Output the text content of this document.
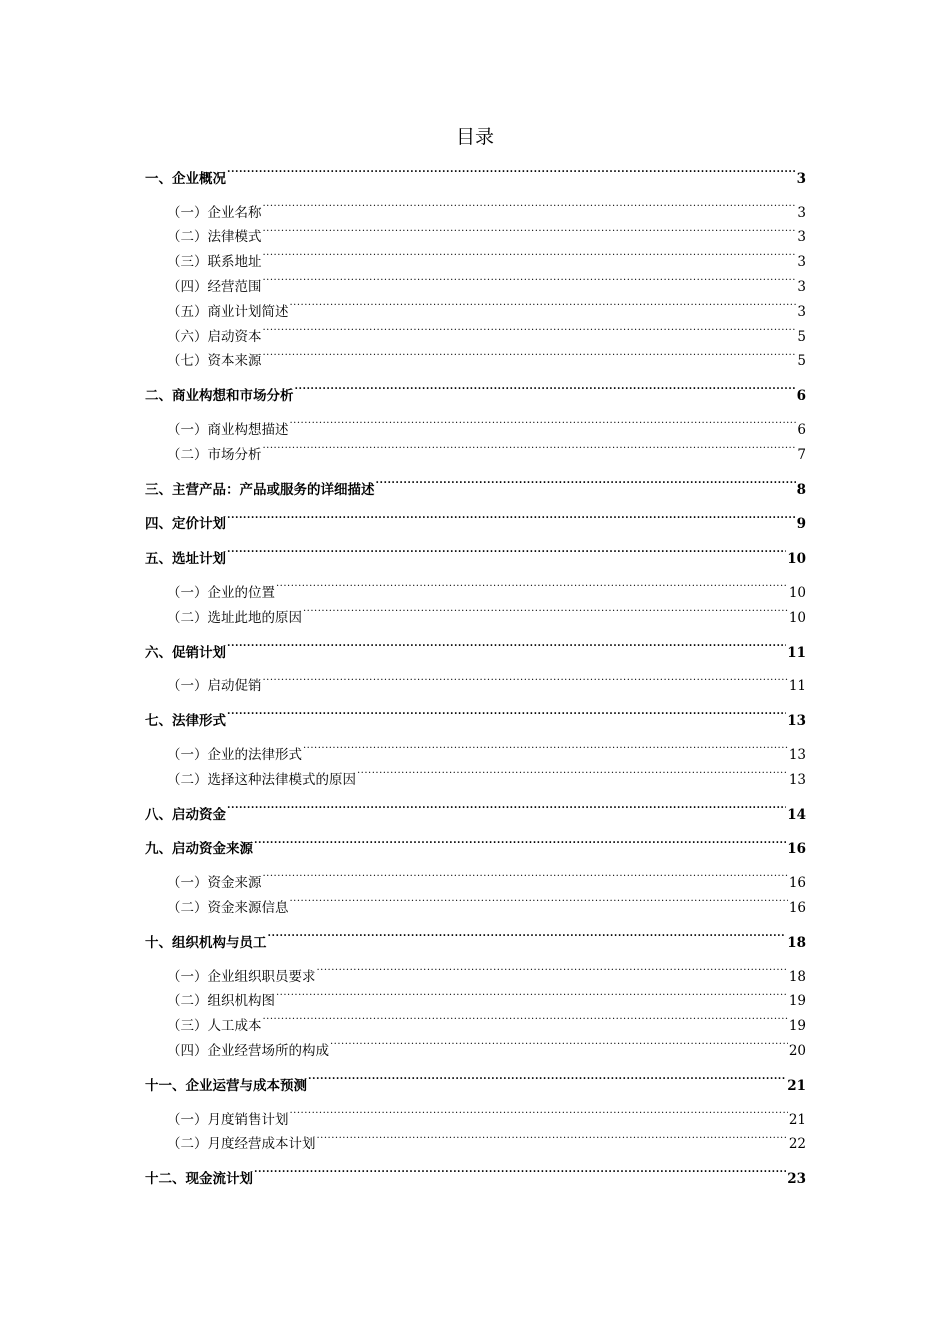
目录
一、企业概况 .....	3
（一）企业名称 .....	3
（二）法律模式 .....	3
（三）联系地址 .....	3
（四）经营范围 .....	3
（五）商业计划简述 .....	3
（六）启动资本 .....	5
（七）资本来源 .....	5
二、商业构想和市场分析 .....	6
（一）商业构想描述 .....	6
（二）市场分析 .....	7
三、主营产品：产品或服务的详细描述 .....	8
四、定价计划 .....	9
五、选址计划 .....	10
（一）企业的位置 .....	10
（二）选址此地的原因 .....	10
六、促销计划 .....	11
（一）启动促销 .....	11
七、法律形式 .....	13
（一）企业的法律形式 .....	13
（二）选择这种法律模式的原因 .....	13
八、启动资金 .....	14
九、启动资金来源 .....	16
（一）资金来源 .....	16
（二）资金来源信息 .....	16
十、组织机构与员工 .....	18
（一）企业组织职员要求 .....	18
（二）组织机构图 .....	19
（三）人工成本 .....	19
（四）企业经营场所的构成 .....	20
十一、企业运营与成本预测 .....	21
（一）月度销售计划 .....	21
（二）月度经营成本计划 .....	22
十二、现金流计划 .....	23
